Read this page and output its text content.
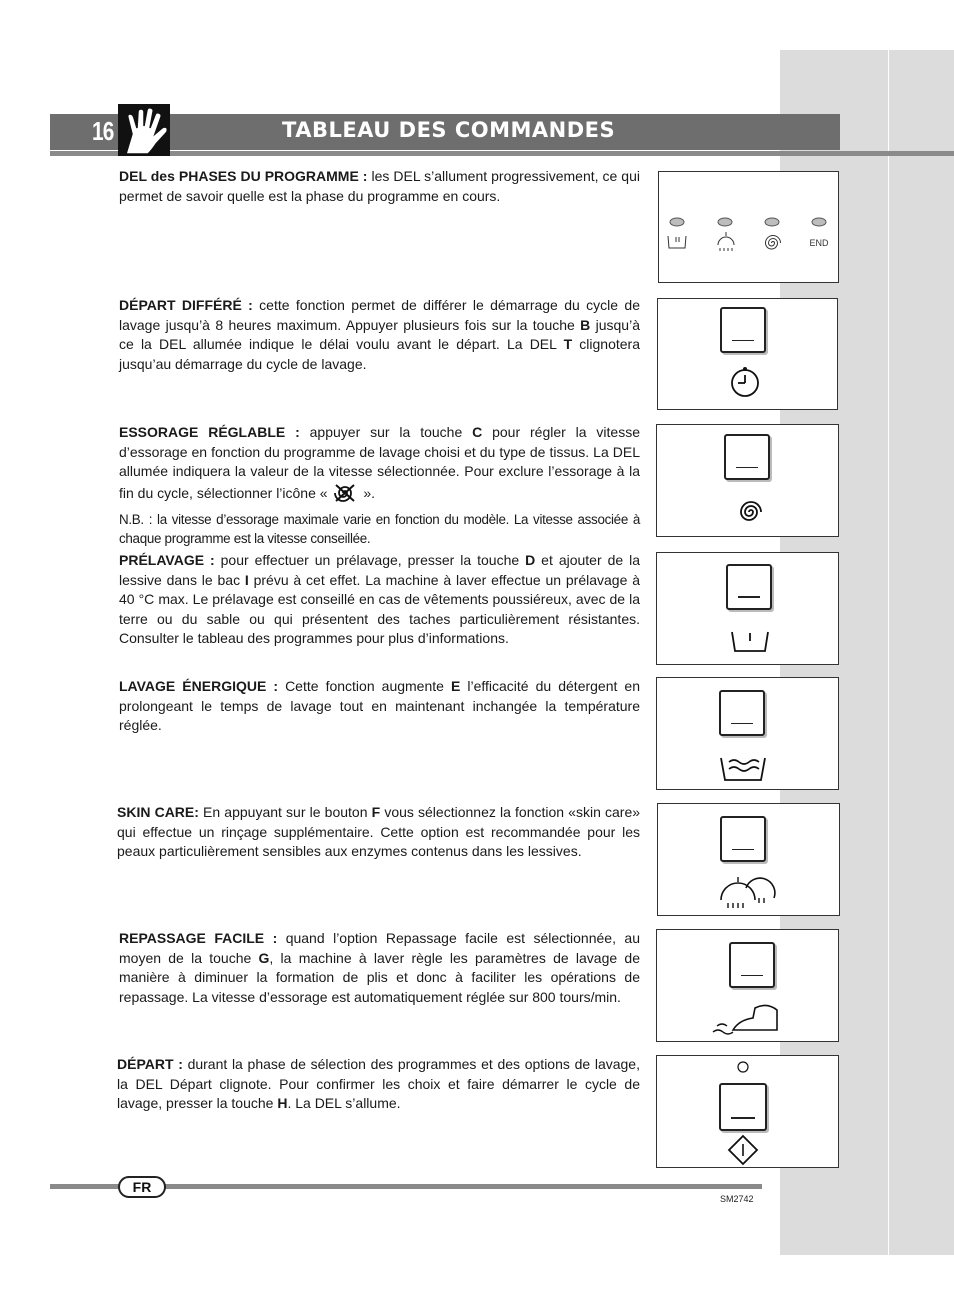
16	TABLEAU DES COMMANDES
DEL des PHASES DU PROGRAMME : les DEL s’allument progressivement, ce qui permet de savoir quelle est la phase du programme en cours.
DÉPART DIFFÉRÉ : cette fonction permet de différer le démarrage du cycle de lavage jusqu’à 8 heures maximum. Appuyer plusieurs fois sur la touche B jusqu’à ce la DEL allumée indique le délai voulu avant le départ. La DEL T clignotera jusqu’au démarrage du cycle de lavage.
ESSORAGE RÉGLABLE : appuyer sur la touche C pour régler la vitesse d’essorage en fonction du programme de lavage choisi et du type de tissus. La DEL allumée indiquera la valeur de la vitesse sélectionnée. Pour exclure l’essorage à la fin du cycle, sélectionner l’icône «  ».
N.B. : la vitesse d’essorage maximale varie en fonction du modèle. La vitesse associée à chaque programme est la vitesse conseillée.
PRÉLAVAGE : pour effectuer un prélavage, presser la touche D et ajouter de la lessive dans le bac I prévu à cet effet. La machine à laver effectue un prélavage à 40 °C max. Le prélavage est conseillé en cas de vêtements poussiéreux, avec de la terre ou du sable ou qui présentent des taches particulièrement résistantes. Consulter le tableau des programmes pour plus d’informations.
LAVAGE ÉNERGIQUE : Cette fonction augmente E l’efficacité du détergent en prolongeant le temps de lavage tout en maintenant inchangée la température réglée.
SKIN CARE: En appuyant sur le bouton F vous sélectionnez la fonction «skin care» qui effectue un rinçage supplémentaire. Cette option est recommandée pour les peaux particulièrement sensibles aux enzymes contenus dans les lessives.
REPASSAGE FACILE : quand l’option Repassage facile est sélectionnée, au moyen de la touche G, la machine à laver règle les paramètres de lavage de manière à diminuer la formation de plis et donc à faciliter les opérations de repassage. La vitesse d’essorage est automatiquement réglée sur 800 tours/min.
DÉPART : durant la phase de sélection des programmes et des options de lavage, la DEL Départ clignote. Pour confirmer les choix et faire démarrer le cycle de lavage, presser la touche H. La DEL s’allume.
END
FR
SM2742
